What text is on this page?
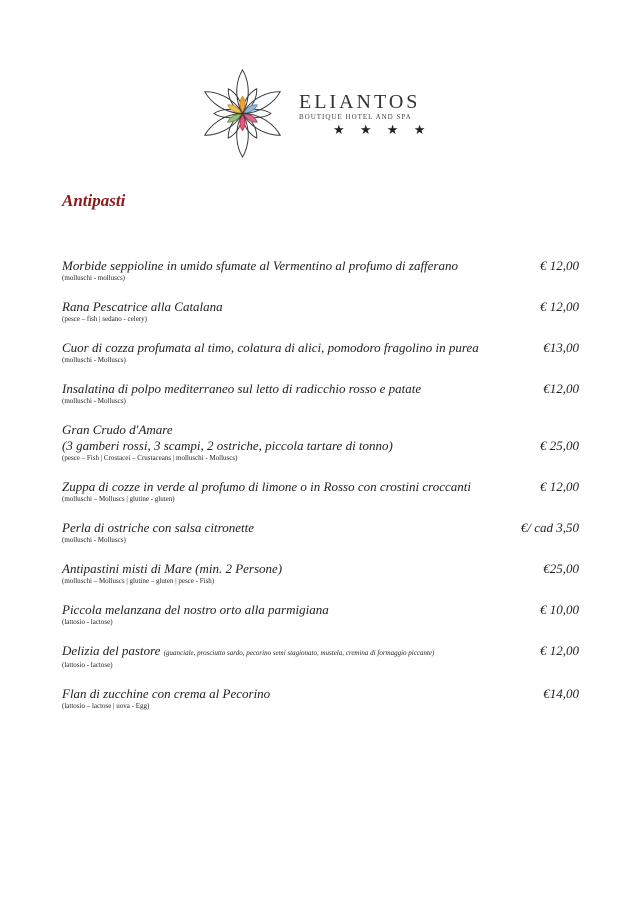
ELIANTOS
BOUTIQUE HOTEL AND SPA
★ ★ ★ ★
Antipasti
€ 12,00
Morbide seppioline in umido sfumate al Vermentino al profumo di zafferano
(molluschi - molluscs)
€ 12,00
Rana Pescatrice alla Catalana
(pesce – fish | sedano - celery)
€13,00
Cuor di cozza profumata al timo, colatura di alici, pomodoro fragolino in purea
(molluschi - Molluscs)
€12,00
Insalatina di polpo mediterraneo sul letto di radicchio rosso e patate
(molluschi - Molluscs)
Gran Crudo d'Amare
€ 25,00
(3 gamberi rossi, 3 scampi, 2 ostriche, piccola tartare di tonno)
(pesce – Fish | Crostacei – Crustaceans | molluschi - Molluscs)
€ 12,00
Zuppa di cozze in verde al profumo di limone o in Rosso con crostini croccanti
(molluschi – Molluscs | glutine - gluten)
€/ cad 3,50
Perla di ostriche con salsa citronette
(molluschi - Molluscs)
€25,00
Antipastini misti di Mare (min. 2 Persone)
(molluschi – Molluscs | glutine – gluten | pesce - Fish)
€ 10,00
Piccola melanzana del nostro orto alla parmigiana
(lattosio - lactose)
€ 12,00
Delizia del pastore (guanciale, prosciutto sardo, pecorino semi stagionato, mustela, cremina di formaggio piccante)
(lattosio - lactose)
€14,00
Flan di zucchine con crema al Pecorino
(lattosio – lactose | uova - Egg)
